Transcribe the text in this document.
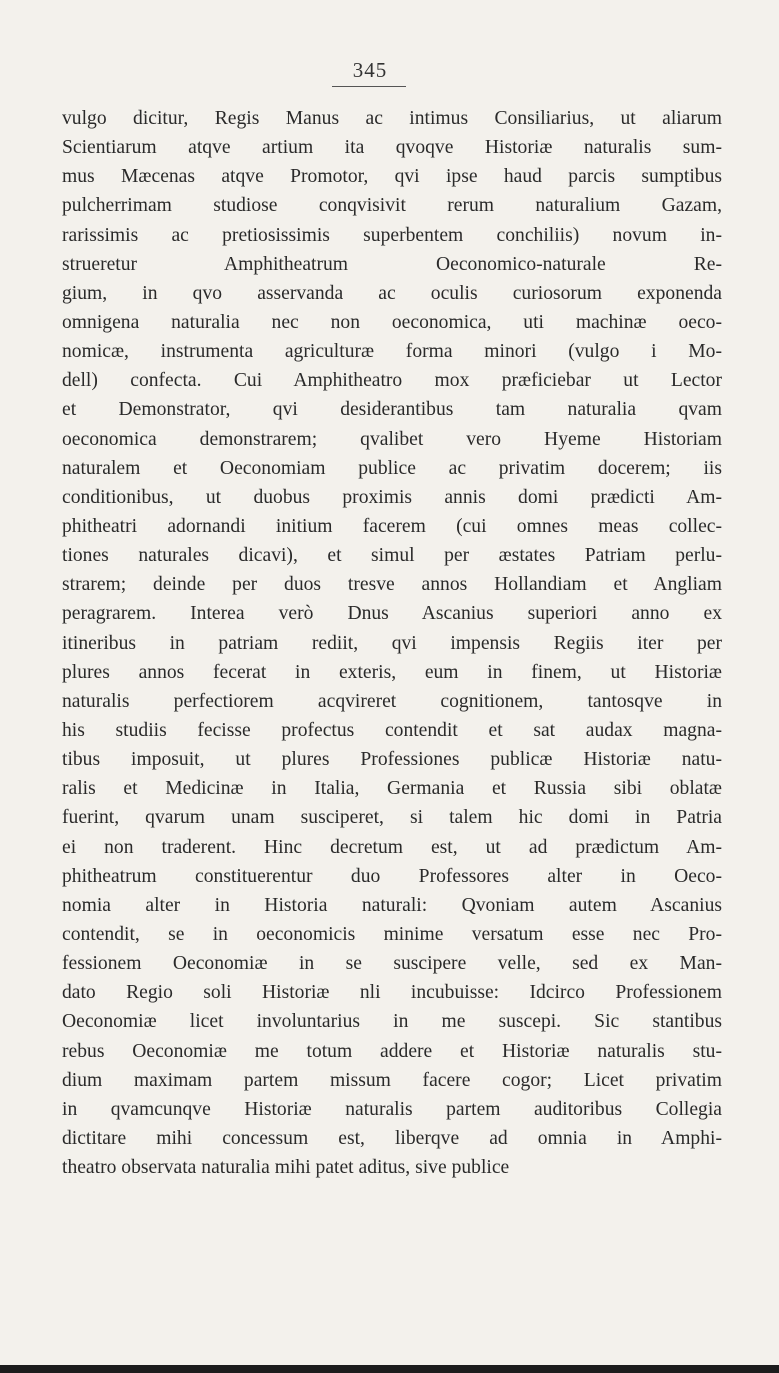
345
vulgo dicitur, Regis Manus ac intimus Consiliarius, ut aliarum
Scientiarum atqve artium ita qvoqve Historiæ naturalis sum-
mus Mæcenas atqve Promotor, qvi ipse haud parcis sumptibus
pulcherrimam studiose conqvisivit rerum naturalium Gazam,
rarissimis ac pretiosissimis superbentem conchiliis) novum in-
strueretur Amphitheatrum Oeconomico-naturale Re-
gium, in qvo asservanda ac oculis curiosorum exponenda
omnigena naturalia nec non oeconomica, uti machinæ oeco-
nomicæ, instrumenta agriculturæ forma minori (vulgo i Mo-
dell) confecta. Cui Amphitheatro mox præficiebar ut Lector
et Demonstrator, qvi desiderantibus tam naturalia qvam
oeconomica demonstrarem; qvalibet vero Hyeme Historiam
naturalem et Oeconomiam publice ac privatim docerem; iis
conditionibus, ut duobus proximis annis domi prædicti Am-
phitheatri adornandi initium facerem (cui omnes meas collec-
tiones naturales dicavi), et simul per æstates Patriam perlu-
strarem; deinde per duos tresve annos Hollandiam et Angliam
peragrarem. Interea verò Dnus Ascanius superiori anno ex
itineribus in patriam rediit, qvi impensis Regiis iter per
plures annos fecerat in exteris, eum in finem, ut Historiæ
naturalis perfectiorem acqvireret cognitionem, tantosqve in
his studiis fecisse profectus contendit et sat audax magna-
tibus imposuit, ut plures Professiones publicæ Historiæ natu-
ralis et Medicinæ in Italia, Germania et Russia sibi oblatæ
fuerint, qvarum unam susciperet, si talem hic domi in Patria
ei non traderent. Hinc decretum est, ut ad prædictum Am-
phitheatrum constituerentur duo Professores alter in Oeco-
nomia alter in Historia naturali: Qvoniam autem Ascanius
contendit, se in oeconomicis minime versatum esse nec Pro-
fessionem Oeconomiæ in se suscipere velle, sed ex Man-
dato Regio soli Historiæ nli incubuisse: Idcirco Professionem
Oeconomiæ licet involuntarius in me suscepi. Sic stantibus
rebus Oeconomiæ me totum addere et Historiæ naturalis stu-
dium maximam partem missum facere cogor; Licet privatim
in qvamcunqve Historiæ naturalis partem auditoribus Collegia
dictitare mihi concessum est, liberqve ad omnia in Amphi-
theatro observata naturalia mihi patet aditus, sive publice
